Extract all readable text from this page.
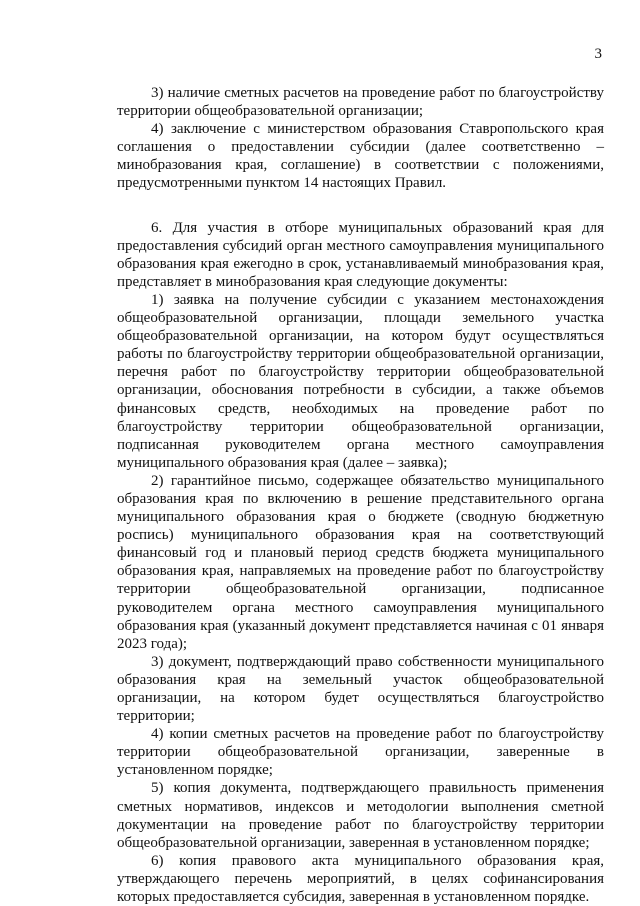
3

3) наличие сметных расчетов на проведение работ по благоустройству территории общеобразовательной организации;

4) заключение с министерством образования Ставропольского края соглашения о предоставлении субсидии (далее соответственно – минобразования края, соглашение) в соответствии с положениями, предусмотренными пунктом 14 настоящих Правил.

6. Для участия в отборе муниципальных образований края для предоставления субсидий орган местного самоуправления муниципального образования края ежегодно в срок, устанавливаемый минобразования края, представляет в минобразования края следующие документы:

1) заявка на получение субсидии с указанием местонахождения общеобразовательной организации, площади земельного участка общеобразовательной организации, на котором будут осуществляться работы по благоустройству территории общеобразовательной организации, перечня работ по благоустройству территории общеобразовательной организации, обоснования потребности в субсидии, а также объемов финансовых средств, необходимых на проведение работ по благоустройству территории общеобразовательной организации, подписанная руководителем органа местного самоуправления муниципального образования края (далее – заявка);

2) гарантийное письмо, содержащее обязательство муниципального образования края по включению в решение представительного органа муниципального образования края о бюджете (сводную бюджетную роспись) муниципального образования края на соответствующий финансовый год и плановый период средств бюджета муниципального образования края, направляемых на проведение работ по благоустройству территории общеобразовательной организации, подписанное руководителем органа местного самоуправления муниципального образования края (указанный документ представляется начиная с 01 января 2023 года);

3) документ, подтверждающий право собственности муниципального образования края на земельный участок общеобразовательной организации, на котором будет осуществляться благоустройство территории;

4) копии сметных расчетов на проведение работ по благоустройству территории общеобразовательной организации, заверенные в установленном порядке;

5) копия документа, подтверждающего правильность применения сметных нормативов, индексов и методологии выполнения сметной документации на проведение работ по благоустройству территории общеобразовательной организации, заверенная в установленном порядке;

6) копия правового акта муниципального образования края, утверждающего перечень мероприятий, в целях софинансирования которых предоставляется субсидия, заверенная в установленном порядке.
